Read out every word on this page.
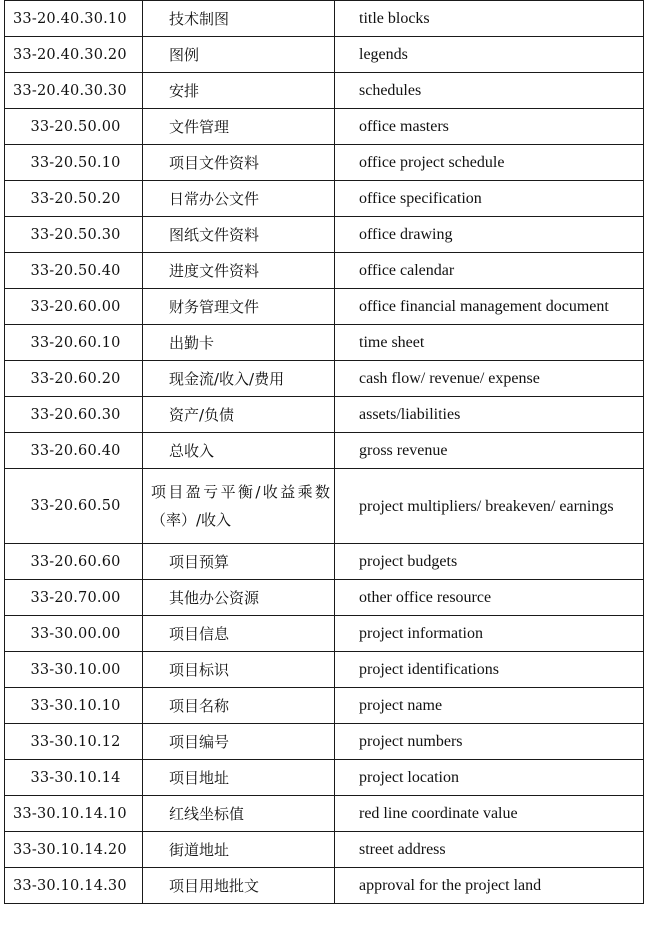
33-20.40.30.10	技术制图	title blocks
33-20.40.30.20	图例	legends
33-20.40.30.30	安排	schedules
33-20.50.00	文件管理	office masters
33-20.50.10	项目文件资料	office project schedule
33-20.50.20	日常办公文件	office specification
33-20.50.30	图纸文件资料	office drawing
33-20.50.40	进度文件资料	office calendar
33-20.60.00	财务管理文件	office financial management document
33-20.60.10	出勤卡	time sheet
33-20.60.20	现金流/收入/费用	cash flow/ revenue/ expense
33-20.60.30	资产/负债	assets/liabilities
33-20.60.40	总收入	gross revenue
33-20.60.50	项目盈亏平衡/收益乘数（率）/收入	project multipliers/ breakeven/ earnings
33-20.60.60	项目预算	project budgets
33-20.70.00	其他办公资源	other office resource
33-30.00.00	项目信息	project information
33-30.10.00	项目标识	project identifications
33-30.10.10	项目名称	project name
33-30.10.12	项目编号	project numbers
33-30.10.14	项目地址	project location
33-30.10.14.10	红线坐标值	red line coordinate value
33-30.10.14.20	街道地址	street address
33-30.10.14.30	项目用地批文	approval for the project land
